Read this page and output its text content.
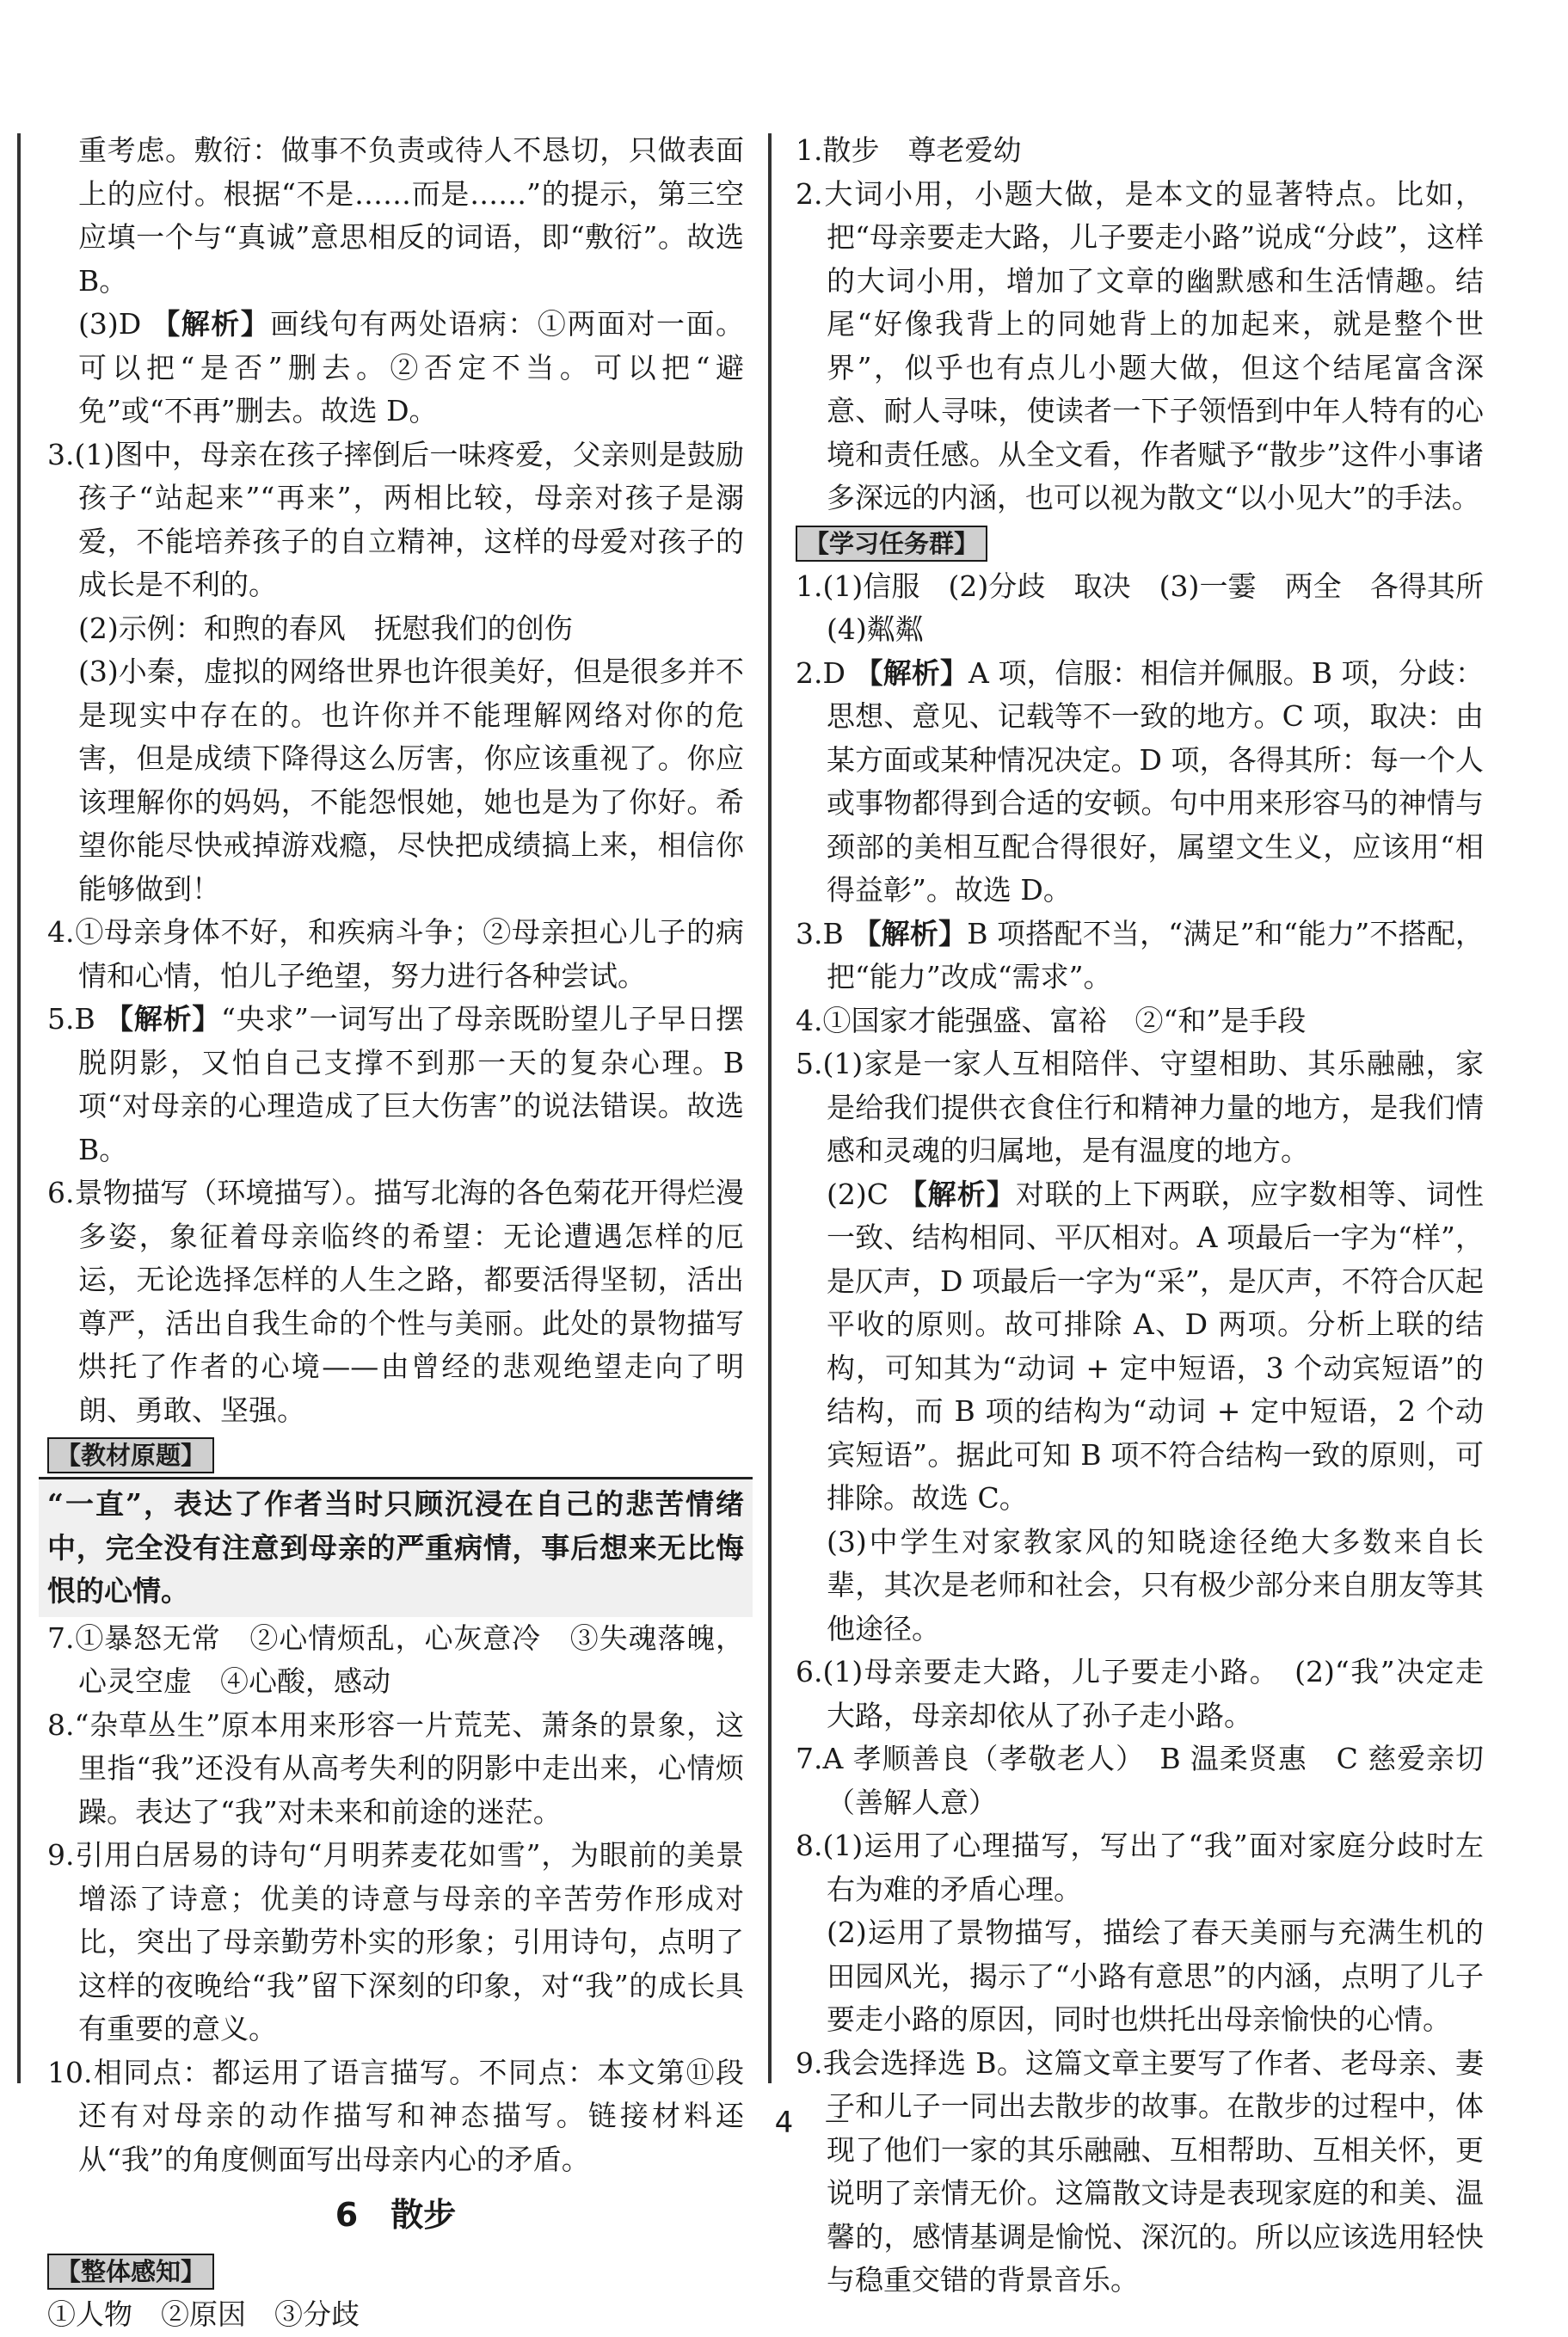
重考虑。敷衍：做事不负责或待人不恳切，只做表面上的应付。根据“不是……而是……”的提示，第三空应填一个与“真诚”意思相反的词语，即“敷衍”。故选 B。

(3)D 【解析】画线句有两处语病：①两面对一面。可以把“是否”删去。②否定不当。可以把“避免”或“不再”删去。故选 D。

3.(1)图中，母亲在孩子摔倒后一味疼爱，父亲则是鼓励孩子“站起来”“再来”，两相比较，母亲对孩子是溺爱，不能培养孩子的自立精神，这样的母爱对孩子的成长是不利的。

(2)示例：和煦的春风　抚慰我们的创伤

(3)小秦，虚拟的网络世界也许很美好，但是很多并不是现实中存在的。也许你并不能理解网络对你的危害，但是成绩下降得这么厉害，你应该重视了。你应该理解你的妈妈，不能怨恨她，她也是为了你好。希望你能尽快戒掉游戏瘾，尽快把成绩搞上来，相信你能够做到！

4.①母亲身体不好，和疾病斗争；②母亲担心儿子的病情和心情，怕儿子绝望，努力进行各种尝试。

5.B 【解析】“央求”一词写出了母亲既盼望儿子早日摆脱阴影，又怕自己支撑不到那一天的复杂心理。B 项“对母亲的心理造成了巨大伤害”的说法错误。故选 B。

6.景物描写（环境描写）。描写北海的各色菊花开得烂漫多姿，象征着母亲临终的希望：无论遭遇怎样的厄运，无论选择怎样的人生之路，都要活得坚韧，活出尊严，活出自我生命的个性与美丽。此处的景物描写烘托了作者的心境——由曾经的悲观绝望走向了明朗、勇敢、坚强。

【教材原题】

“一直”，表达了作者当时只顾沉浸在自己的悲苦情绪中，完全没有注意到母亲的严重病情，事后想来无比悔恨的心情。

7.①暴怒无常　②心情烦乱，心灰意冷　③失魂落魄，心灵空虚　④心酸，感动

8.“杂草丛生”原本用来形容一片荒芜、萧条的景象，这里指“我”还没有从高考失利的阴影中走出来，心情烦躁。表达了“我”对未来和前途的迷茫。

9.引用白居易的诗句“月明荞麦花如雪”，为眼前的美景增添了诗意；优美的诗意与母亲的辛苦劳作形成对比，突出了母亲勤劳朴实的形象；引用诗句，点明了这样的夜晚给“我”留下深刻的印象，对“我”的成长具有重要的意义。

10.相同点：都运用了语言描写。不同点：本文第⑪段还有对母亲的动作描写和神态描写。链接材料还从“我”的角度侧面写出母亲内心的矛盾。

6　散步
【整体感知】

①人物　②原因　③分歧

1.散步　尊老爱幼

2.大词小用，小题大做，是本文的显著特点。比如，把“母亲要走大路，儿子要走小路”说成“分歧”，这样的大词小用，增加了文章的幽默感和生活情趣。结尾“好像我背上的同她背上的加起来，就是整个世界”，似乎也有点儿小题大做，但这个结尾富含深意、耐人寻味，使读者一下子领悟到中年人特有的心境和责任感。从全文看，作者赋予“散步”这件小事诸多深远的内涵，也可以视为散文“以小见大”的手法。

【学习任务群】

1.(1)信服　(2)分歧　取决　(3)一霎　两全　各得其所　(4)粼粼

2.D 【解析】A 项，信服：相信并佩服。B 项，分歧：思想、意见、记载等不一致的地方。C 项，取决：由某方面或某种情况决定。D 项，各得其所：每一个人或事物都得到合适的安顿。句中用来形容马的神情与颈部的美相互配合得很好，属望文生义，应该用“相得益彰”。故选 D。

3.B 【解析】B 项搭配不当，“满足”和“能力”不搭配，把“能力”改成“需求”。

4.①国家才能强盛、富裕　②“和”是手段

5.(1)家是一家人互相陪伴、守望相助、其乐融融，家是给我们提供衣食住行和精神力量的地方，是我们情感和灵魂的归属地，是有温度的地方。

(2)C 【解析】对联的上下两联，应字数相等、词性一致、结构相同、平仄相对。A 项最后一字为“样”，是仄声，D 项最后一字为“采”，是仄声，不符合仄起平收的原则。故可排除 A、D 两项。分析上联的结构，可知其为“动词 + 定中短语，3 个动宾短语”的结构，而 B 项的结构为“动词 + 定中短语，2 个动宾短语”。据此可知 B 项不符合结构一致的原则，可排除。故选 C。

(3)中学生对家教家风的知晓途径绝大多数来自长辈，其次是老师和社会，只有极少部分来自朋友等其他途径。

6.(1)母亲要走大路，儿子要走小路。　(2)“我”决定走大路，母亲却依从了孙子走小路。

7.A 孝顺善良（孝敬老人）　B 温柔贤惠　C 慈爱亲切（善解人意）

8.(1)运用了心理描写，写出了“我”面对家庭分歧时左右为难的矛盾心理。

(2)运用了景物描写，描绘了春天美丽与充满生机的田园风光，揭示了“小路有意思”的内涵，点明了儿子要走小路的原因，同时也烘托出母亲愉快的心情。

9.我会选择选 B。这篇文章主要写了作者、老母亲、妻子和儿子一同出去散步的故事。在散步的过程中，体现了他们一家的其乐融融、互相帮助、互相关怀，更说明了亲情无价。这篇散文诗是表现家庭的和美、温馨的，感情基调是愉悦、深沉的。所以应该选用轻快与稳重交错的背景音乐。

－　4　－
